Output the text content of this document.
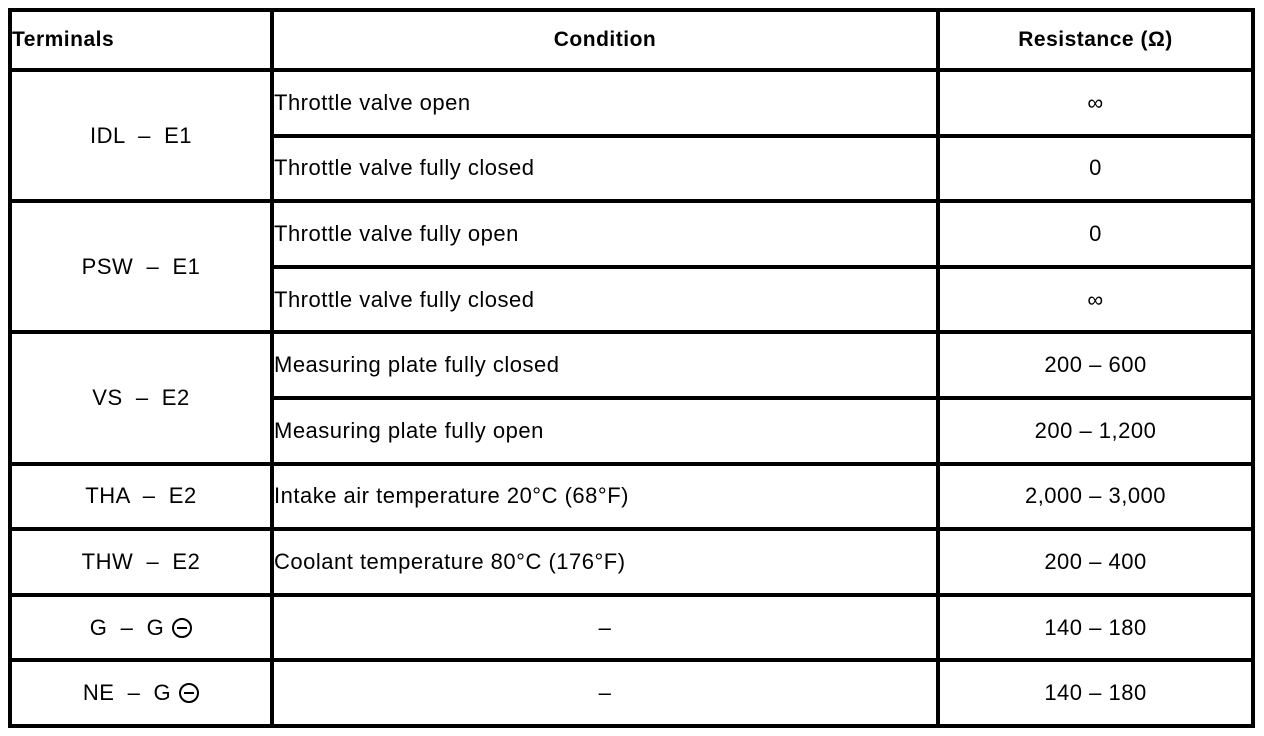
Terminals	Condition	Resistance (Ω)

IDL  –  E1	Throttle valve open	∞
	Throttle valve fully closed	0

PSW  –  E1	Throttle valve fully open	0
	Throttle valve fully closed	∞

VS  –  E2	Measuring plate fully closed	200 – 600
	Measuring plate fully open	200 – 1,200

THA  –  E2	Intake air temperature 20°C (68°F)	2,000 – 3,000

THW  –  E2	Coolant temperature 80°C (176°F)	200 – 400

G  –  G	–	140 – 180

NE  –  G	–	140 – 180
